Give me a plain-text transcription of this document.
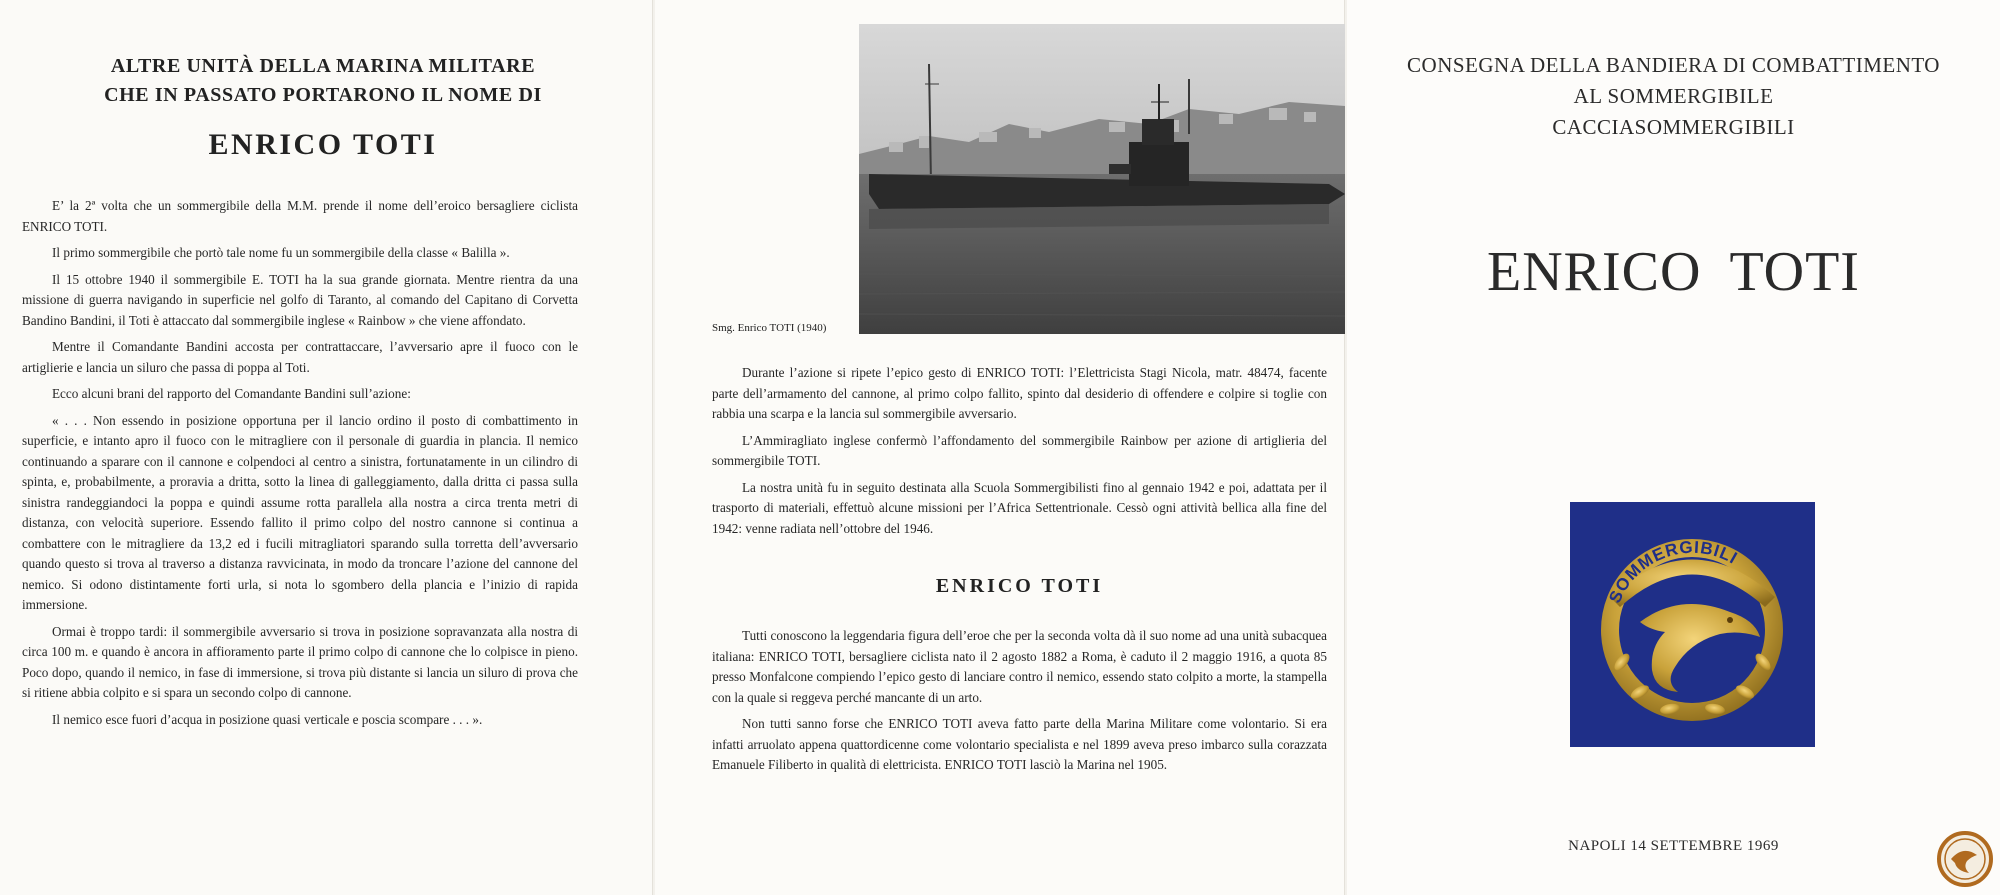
ALTRE UNITÀ DELLA MARINA MILITARE
CHE IN PASSATO PORTARONO IL NOME DI
ENRICO TOTI

E’ la 2ª volta che un sommergibile della M.M. prende il nome dell’eroico bersagliere ciclista ENRICO TOTI.

Il primo sommergibile che portò tale nome fu un sommergibile della classe « Balilla ».

Il 15 ottobre 1940 il sommergibile E. TOTI ha la sua grande giornata. Mentre rientra da una missione di guerra navigando in superficie nel golfo di Taranto, al comando del Capitano di Corvetta Bandino Bandini, il Toti è attaccato dal sommergibile inglese « Rainbow » che viene affondato.

Mentre il Comandante Bandini accosta per contrattaccare, l’avversario apre il fuoco con le artiglierie e lancia un siluro che passa di poppa al Toti.

Ecco alcuni brani del rapporto del Comandante Bandini sull’azione:

« . . . Non essendo in posizione opportuna per il lancio ordino il posto di combattimento in superficie, e intanto apro il fuoco con le mitragliere con il personale di guardia in plancia. Il nemico continuando a sparare con il cannone e colpendoci al centro a sinistra, fortunatamente in un cilindro di spinta, e, probabilmente, a proravia a dritta, sotto la linea di galleggiamento, dalla dritta ci passa sulla sinistra randeggiandoci la poppa e quindi assume rotta parallela alla nostra a circa trenta metri di distanza, con velocità superiore. Essendo fallito il primo colpo del nostro cannone si continua a combattere con le mitragliere da 13,2 ed i fucili mitragliatori sparando sulla torretta dell’avversario quando questo si trova al traverso a distanza ravvicinata, in modo da troncare l’azione del cannone del nemico. Si odono distintamente forti urla, si nota lo sgombero della plancia e l’inizio di rapida immersione.

Ormai è troppo tardi: il sommergibile avversario si trova in posizione sopravanzata alla nostra di circa 100 m. e quando è ancora in affioramento parte il primo colpo di cannone che lo colpisce in pieno. Poco dopo, quando il nemico, in fase di immersione, si trova più distante si lancia un siluro di prova che si ritiene abbia colpito e si spara un secondo colpo di cannone.

Il nemico esce fuori d’acqua in posizione quasi verticale e poscia scompare . . . ».

Smg. Enrico TOTI (1940)

Durante l’azione si ripete l’epico gesto di ENRICO TOTI: l’Elettricista Stagi Nicola, matr. 48474, facente parte dell’armamento del cannone, al primo colpo fallito, spinto dal desiderio di offendere e colpire si toglie con rabbia una scarpa e la lancia sul sommergibile avversario.

L’Ammiragliato inglese confermò l’affondamento del sommergibile Rainbow per azione di artiglieria del sommergibile TOTI.

La nostra unità fu in seguito destinata alla Scuola Sommergibilisti fino al gennaio 1942 e poi, adattata per il trasporto di materiali, effettuò alcune missioni per l’Africa Settentrionale. Cessò ogni attività bellica alla fine del 1942: venne radiata nell’ottobre del 1946.

ENRICO TOTI

Tutti conoscono la leggendaria figura dell’eroe che per la seconda volta dà il suo nome ad una unità subacquea italiana: ENRICO TOTI, bersagliere ciclista nato il 2 agosto 1882 a Roma, è caduto il 2 maggio 1916, a quota 85 presso Monfalcone compiendo l’epico gesto di lanciare contro il nemico, essendo stato colpito a morte, la stampella con la quale si reggeva perché mancante di un arto.

Non tutti sanno forse che ENRICO TOTI aveva fatto parte della Marina Militare come volontario. Si era infatti arruolato appena quattordicenne come volontario specialista e nel 1899 aveva preso imbarco sulla corazzata Emanuele Filiberto in qualità di elettricista. ENRICO TOTI lasciò la Marina nel 1905.

CONSEGNA DELLA BANDIERA DI COMBATTIMENTO
AL SOMMERGIBILE
CACCIASOMMERGIBILI
ENRICO TOTI
SOMMERGIBILI
NAPOLI 14 SETTEMBRE 1969
